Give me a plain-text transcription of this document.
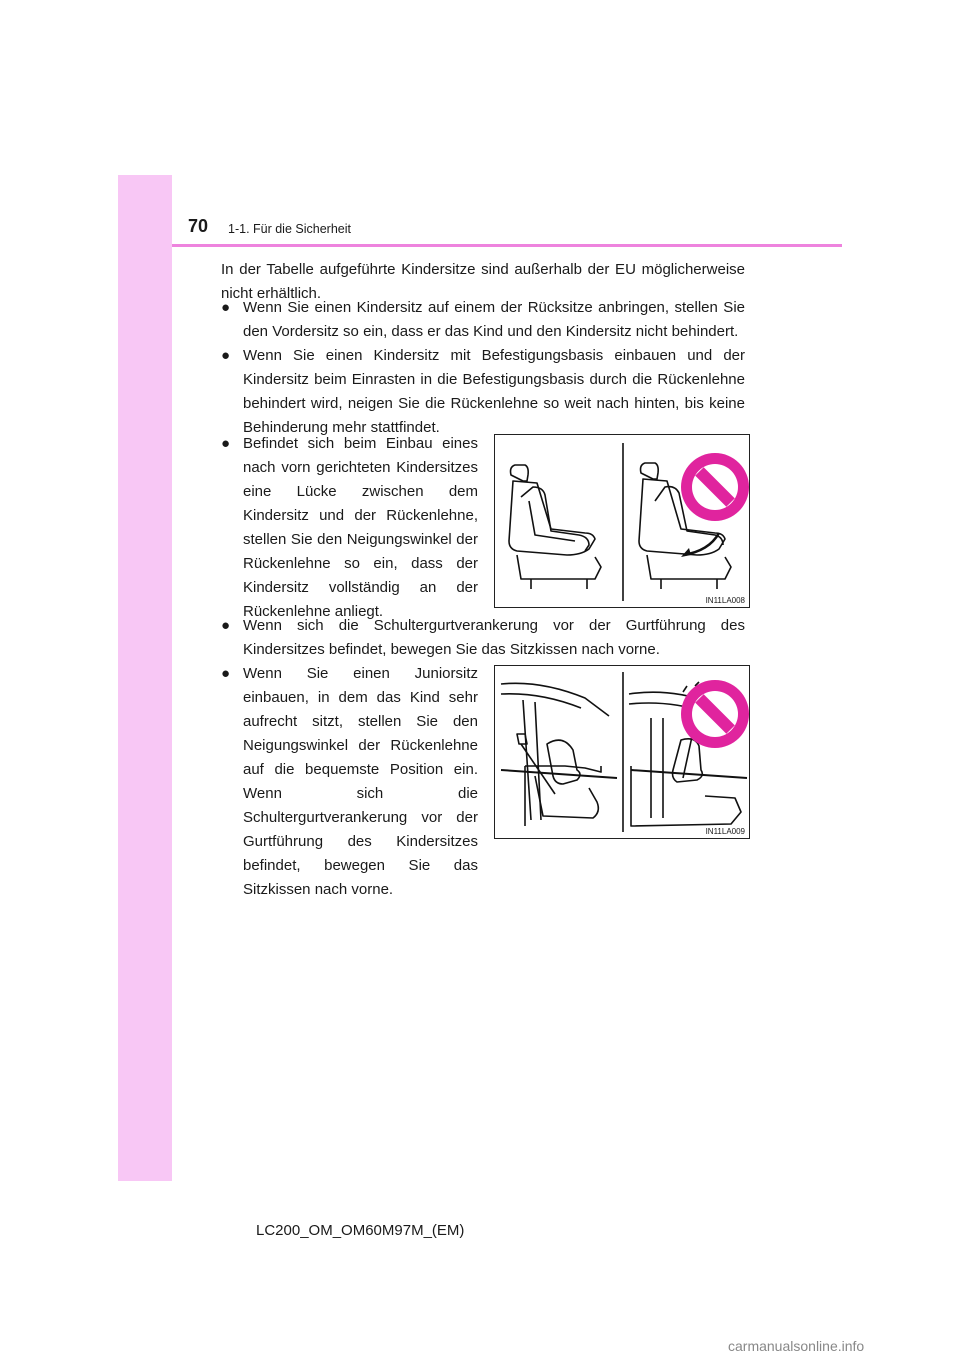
70 1-1. Für die Sicherheit
In der Tabelle aufgeführte Kindersitze sind außerhalb der EU möglicherweise nicht erhältlich.
● Wenn Sie einen Kindersitz auf einem der Rücksitze anbringen, stellen Sie den Vordersitz so ein, dass er das Kind und den Kindersitz nicht behindert.
● Wenn Sie einen Kindersitz mit Befestigungsbasis einbauen und der Kindersitz beim Einrasten in die Befestigungsbasis durch die Rückenlehne behindert wird, neigen Sie die Rückenlehne so weit nach hinten, bis keine Behinderung mehr stattfindet.
● Befindet sich beim Einbau eines nach vorn gerichteten Kindersitzes eine Lücke zwischen dem Kindersitz und der Rückenlehne, stellen Sie den Neigungswinkel der Rückenlehne so ein, dass der Kindersitz vollständig an der Rückenlehne anliegt.
IN11LA008
● Wenn sich die Schultergurtverankerung vor der Gurtführung des Kindersitzes befindet, bewegen Sie das Sitzkissen nach vorne.
● Wenn Sie einen Juniorsitz einbauen, in dem das Kind sehr aufrecht sitzt, stellen Sie den Neigungswinkel der Rückenlehne auf die bequemste Position ein. Wenn sich die Schultergurtverankerung vor der Gurtführung des Kindersitzes befindet, bewegen Sie das Sitzkissen nach vorne.
IN11LA009
LC200_OM_OM60M97M_(EM)
carmanualsonline.info
